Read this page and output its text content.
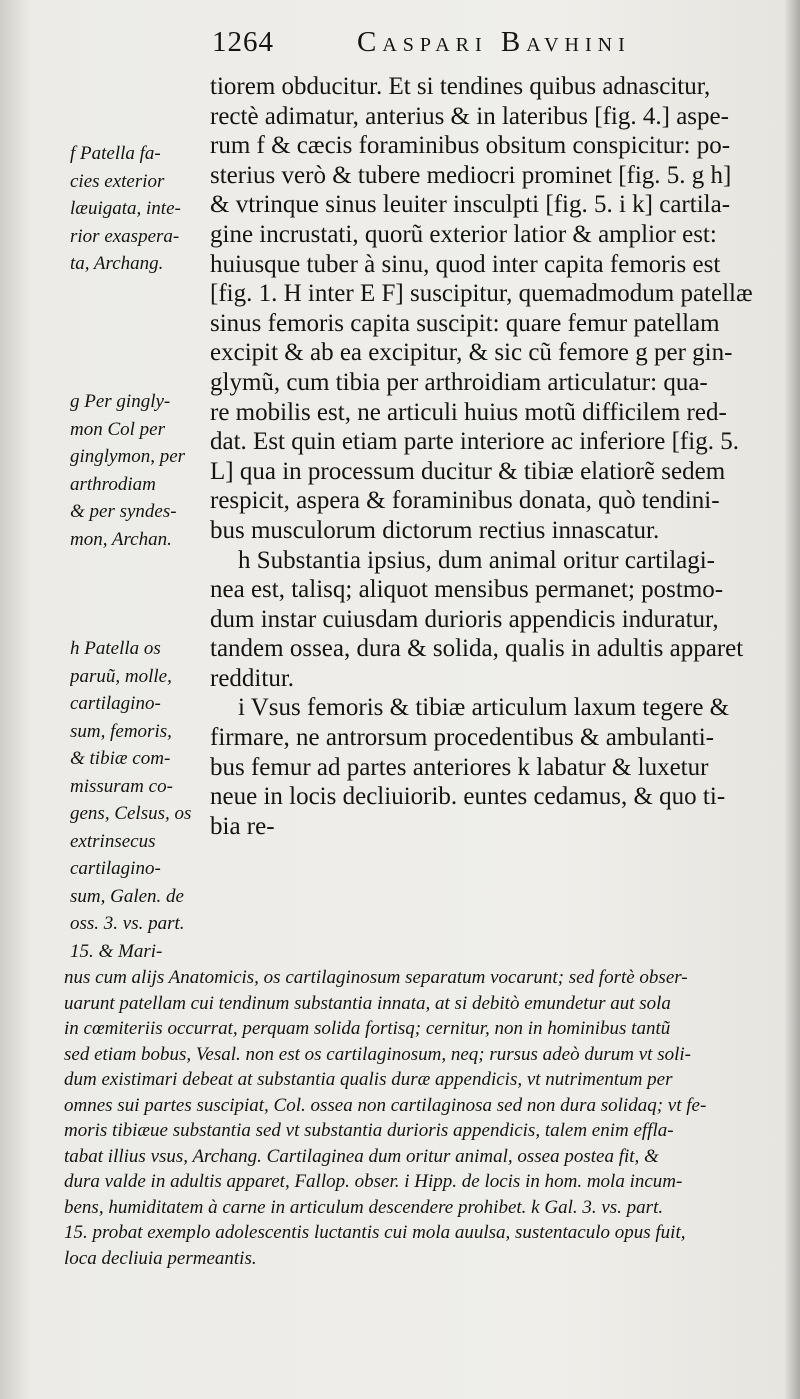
1264	Caspari Bavhini
tiorem obducitur. Et si tendines quibus adnascitur,
rectè adimatur, anterius & in lateribus [fig. 4.] aspe-
rum f & cæcis foraminibus obsitum conspicitur: po-
sterius verò & tubere mediocri prominet [fig. 5. g h]
& vtrinque sinus leuiter insculpti [fig. 5. i k] cartila-
gine incrustati, quorũ exterior latior & amplior est:
huiusque tuber à sinu, quod inter capita femoris est
[fig. 1. H inter E F] suscipitur, quemadmodum patellæ
sinus femoris capita suscipit: quare femur patellam
excipit & ab ea excipitur, & sic cũ femore g per gin-
glymũ, cum tibia per arthroidiam articulatur: qua-
re mobilis est, ne articuli huius motũ difficilem red-
dat. Est quin etiam parte interiore ac inferiore [fig. 5.
L] qua in processum ducitur & tibiæ elatiorẽ sedem
respicit, aspera & foraminibus donata, quò tendini-
bus musculorum dictorum rectius innascatur.
h Substantia ipsius, dum animal oritur cartilagi-
nea est, talisq; aliquot mensibus permanet; postmo-
dum instar cuiusdam durioris appendicis induratur,
tandem ossea, dura & solida, qualis in adultis apparet
redditur.
i Vsus femoris & tibiæ articulum laxum tegere &
firmare, ne antrorsum procedentibus & ambulanti-
bus femur ad partes anteriores k labatur & luxetur
neue in locis decliuiorib. euntes cedamus, & quo ti-
bia re-
f Patella fa-
cies exterior
læuigata, inte-
rior exaspera-
ta, Archang.
g Per gingly-
mon Col per
ginglymon, per
arthrodiam
& per syndes-
mon, Archan.
h Patella os
paruũ, molle,
cartilagino-
sum, femoris,
& tibiæ com-
missuram co-
gens, Celsus, os
extrinsecus
cartilagino-
sum, Galen. de
oss. 3. vs. part.
15. & Mari-
nus cum alijs Anatomicis, os cartilaginosum separatum vocarunt; sed fortè obser-
uarunt patellam cui tendinum substantia innata, at si debitò emundetur aut sola
in cœmiteriis occurrat, perquam solida fortisq; cernitur, non in hominibus tantũ
sed etiam bobus, Vesal. non est os cartilaginosum, neq; rursus adeò durum vt soli-
dum existimari debeat at substantia qualis duræ appendicis, vt nutrimentum per
omnes sui partes suscipiat, Col. ossea non cartilaginosa sed non dura solidaq; vt fe-
moris tibiæue substantia sed vt substantia durioris appendicis, talem enim effla-
tabat illius vsus, Archang. Cartilaginea dum oritur animal, ossea postea fit, &
dura valde in adultis apparet, Fallop. obser. i Hipp. de locis in hom. mola incum-
bens, humiditatem à carne in articulum descendere prohibet. k Gal. 3. vs. part.
15. probat exemplo adolescentis luctantis cui mola auulsa, sustentaculo opus fuit,
loca decliuia permeantis.
